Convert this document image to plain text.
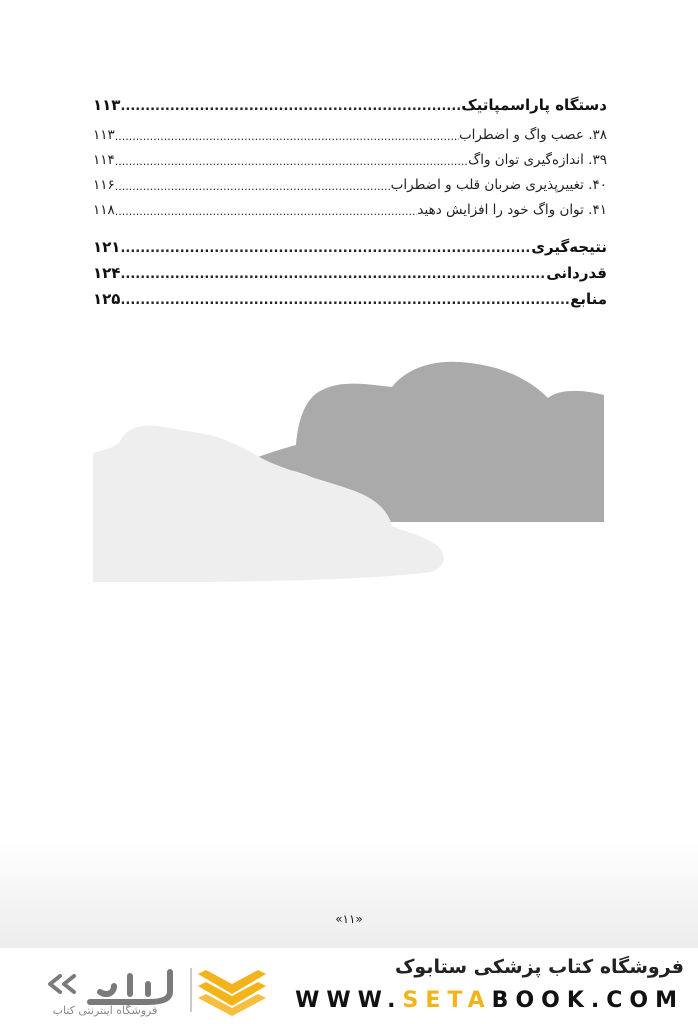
دستگاه پاراسمپاتیک
.....
۱۱۳
۳۸. عصب واگ و اضطراب
.....
۱۱۳
۳۹. اندازه‌گیری توان واگ
.....
۱۱۴
۴۰. تغییرپذیری ضربان قلب و اضطراب
.....
۱۱۶
۴۱. توان واگ خود را افزایش دهید
.....
۱۱۸
نتیجه‌گیری
.....
۱۲۱
قدردانی
.....
۱۲۴
منابع
.....
۱۲۵
«۱۱»
فروشگاه کتاب پزشکی ستابوک
WWW.SETABOOK.COM
فروشگاه اینترنتی کتاب
